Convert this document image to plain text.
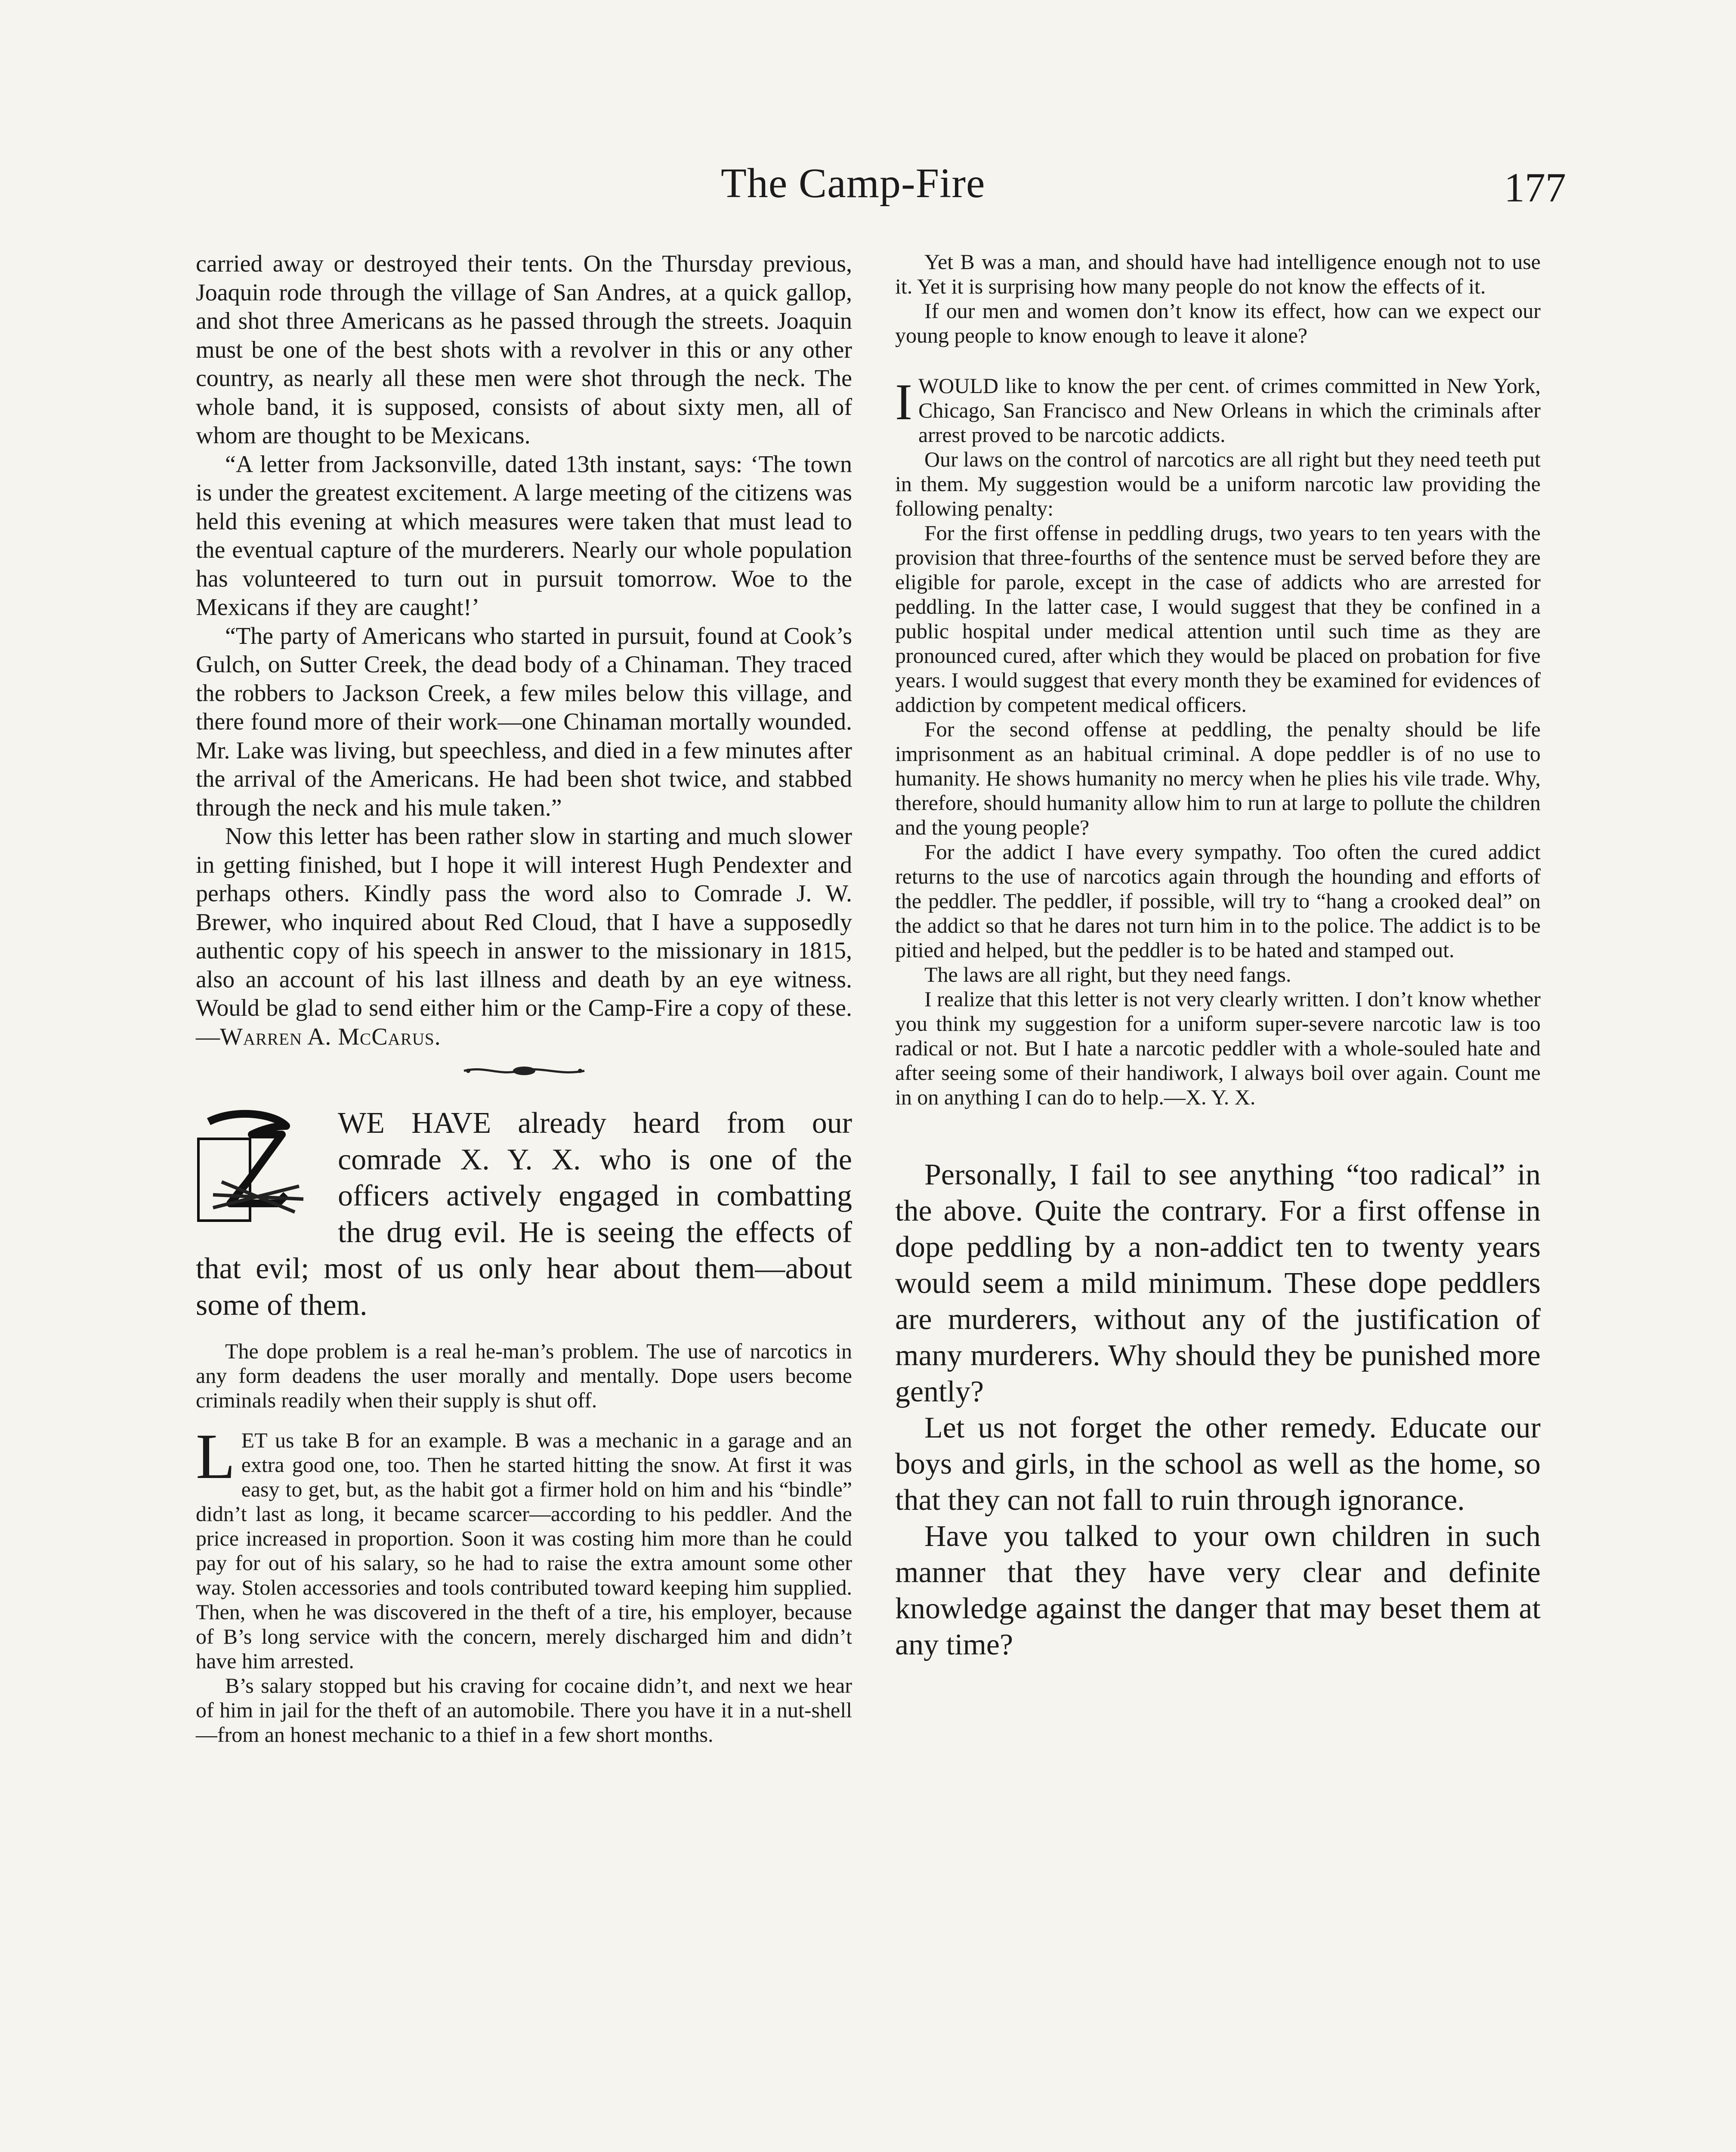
The Camp-Fire	177

carried away or destroyed their tents. On the Thursday previous, Joaquin rode through the village of San Andres, at a quick gallop, and shot three Americans as he passed through the streets. Joaquin must be one of the best shots with a revolver in this or any other country, as nearly all these men were shot through the neck. The whole band, it is supposed, consists of about sixty men, all of whom are thought to be Mexicans.

“A letter from Jacksonville, dated 13th instant, says: ‘The town is under the greatest excitement. A large meeting of the citizens was held this evening at which measures were taken that must lead to the eventual capture of the murderers. Nearly our whole population has volunteered to turn out in pursuit tomorrow. Woe to the Mexicans if they are caught!’

“The party of Americans who started in pursuit, found at Cook’s Gulch, on Sutter Creek, the dead body of a Chinaman. They traced the robbers to Jackson Creek, a few miles below this village, and there found more of their work—one Chinaman mortally wounded. Mr. Lake was living, but speechless, and died in a few minutes after the arrival of the Americans. He had been shot twice, and stabbed through the neck and his mule taken.”

Now this letter has been rather slow in starting and much slower in getting finished, but I hope it will interest Hugh Pendexter and perhaps others. Kindly pass the word also to Comrade J. W. Brewer, who inquired about Red Cloud, that I have a supposedly authentic copy of his speech in answer to the missionary in 1815, also an account of his last illness and death by an eye witness. Would be glad to send either him or the Camp-Fire a copy of these.—Warren A. McCarus.

WE HAVE already heard from our comrade X. Y. X. who is one of the officers actively engaged in combatting the drug evil. He is seeing the effects of that evil; most of us only hear about them—about some of them.

The dope problem is a real he-man’s problem. The use of narcotics in any form deadens the user morally and mentally. Dope users become criminals readily when their supply is shut off.

LET us take B for an example. B was a mechanic in a garage and an extra good one, too. Then he started hitting the snow. At first it was easy to get, but, as the habit got a firmer hold on him and his “bindle” didn’t last as long, it became scarcer—according to his peddler. And the price increased in proportion. Soon it was costing him more than he could pay for out of his salary, so he had to raise the extra amount some other way. Stolen accessories and tools contributed toward keeping him supplied. Then, when he was discovered in the theft of a tire, his employer, because of B’s long service with the concern, merely discharged him and didn’t have him arrested.

B’s salary stopped but his craving for cocaine didn’t, and next we hear of him in jail for the theft of an automobile. There you have it in a nut-shell—from an honest mechanic to a thief in a few short months.

Yet B was a man, and should have had intelligence enough not to use it. Yet it is surprising how many people do not know the effects of it.

If our men and women don’t know its effect, how can we expect our young people to know enough to leave it alone?

IWOULD like to know the per cent. of crimes committed in New York, Chicago, San Francisco and New Orleans in which the criminals after arrest proved to be narcotic addicts.

Our laws on the control of narcotics are all right but they need teeth put in them. My suggestion would be a uniform narcotic law providing the following penalty:

For the first offense in peddling drugs, two years to ten years with the provision that three-fourths of the sentence must be served before they are eligible for parole, except in the case of addicts who are arrested for peddling. In the latter case, I would suggest that they be confined in a public hospital under medical attention until such time as they are pronounced cured, after which they would be placed on probation for five years. I would suggest that every month they be examined for evidences of addiction by competent medical officers.

For the second offense at peddling, the penalty should be life imprisonment as an habitual criminal. A dope peddler is of no use to humanity. He shows humanity no mercy when he plies his vile trade. Why, therefore, should humanity allow him to run at large to pollute the children and the young people?

For the addict I have every sympathy. Too often the cured addict returns to the use of narcotics again through the hounding and efforts of the peddler. The peddler, if possible, will try to “hang a crooked deal” on the addict so that he dares not turn him in to the police. The addict is to be pitied and helped, but the peddler is to be hated and stamped out.

The laws are all right, but they need fangs.

I realize that this letter is not very clearly written. I don’t know whether you think my suggestion for a uniform super-severe narcotic law is too radical or not. But I hate a narcotic peddler with a whole-souled hate and after seeing some of their handiwork, I always boil over again. Count me in on anything I can do to help.—X. Y. X.

Personally, I fail to see anything “too radical” in the above. Quite the contrary. For a first offense in dope peddling by a non-addict ten to twenty years would seem a mild minimum. These dope peddlers are murderers, without any of the justification of many murderers. Why should they be punished more gently?

Let us not forget the other remedy. Educate our boys and girls, in the school as well as the home, so that they can not fall to ruin through ignorance.

Have you talked to your own children in such manner that they have very clear and definite knowledge against the danger that may beset them at any time?
